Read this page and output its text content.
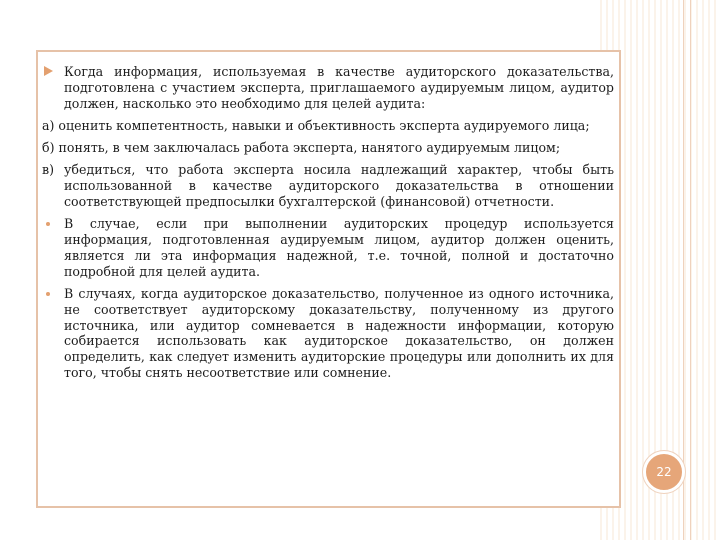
Когда информация, используемая в качестве аудиторского доказательства, подготовлена с участием эксперта, приглашаемого аудируемым лицом, аудитор должен, насколько это необходимо для целей аудита:

а) оценить компетентность, навыки и объективность эксперта аудируемого лица;

б) понять, в чем заключалась работа эксперта, нанятого аудируемым лицом;

в) убедиться, что работа эксперта носила надлежащий характер, чтобы быть использованной в качестве аудиторского доказательства в отношении соответствующей предпосылки бухгалтерской (финансовой) отчетности.

В случае, если при выполнении аудиторских процедур используется информация, подготовленная аудируемым лицом, аудитор должен оценить, является ли эта информация надежной, т.е. точной, полной и достаточно подробной для целей аудита.

В случаях, когда аудиторское доказательство, полученное из одного источника, не соответствует аудиторскому доказательству, полученному из другого источника, или аудитор сомневается в надежности информации, которую собирается использовать как аудиторское доказательство, он должен определить, как следует изменить аудиторские процедуры или дополнить их для того, чтобы снять несоответствие или сомнение.

22
